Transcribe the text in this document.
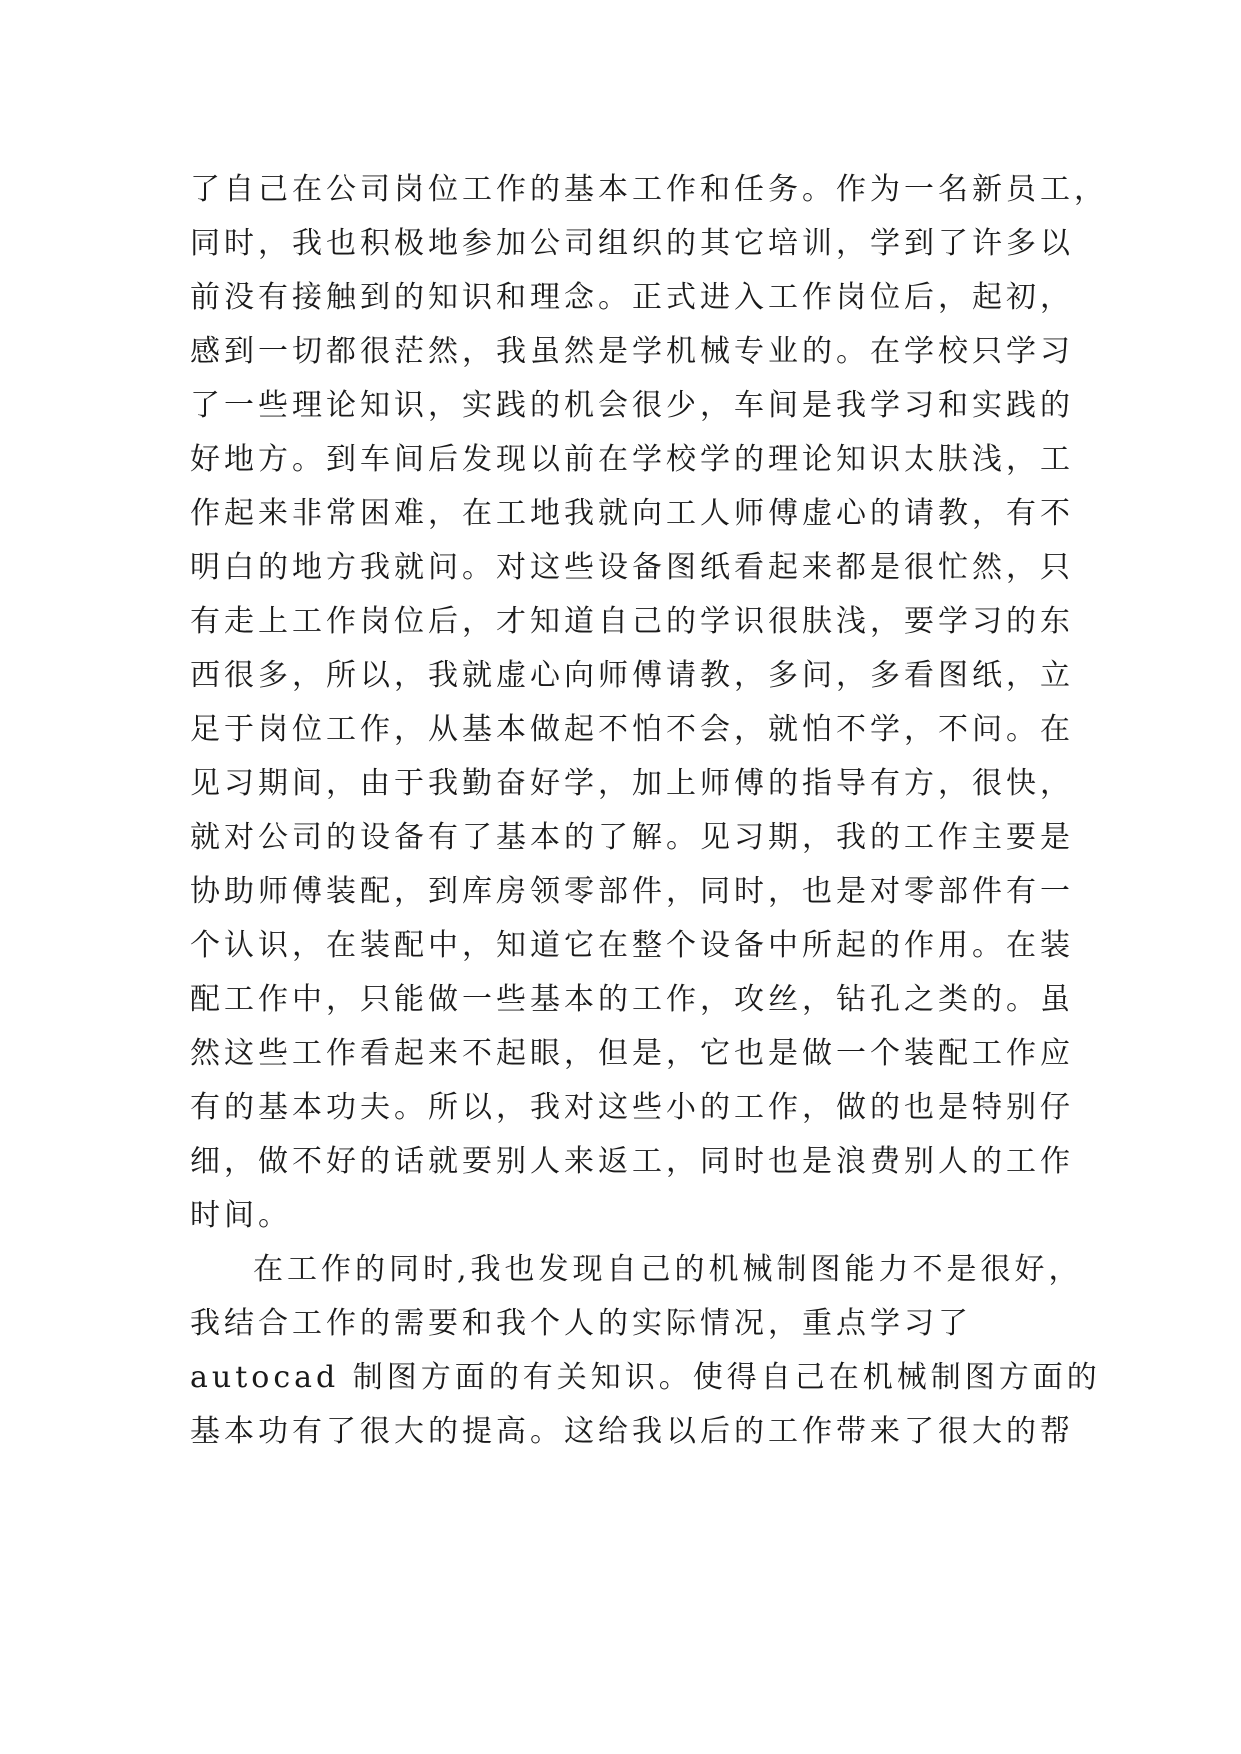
了自己在公司岗位工作的基本工作和任务。作为一名新员工，
同时，我也积极地参加公司组织的其它培训，学到了许多以
前没有接触到的知识和理念。正式进入工作岗位后，起初，
感到一切都很茫然，我虽然是学机械专业的。在学校只学习
了一些理论知识，实践的机会很少，车间是我学习和实践的
好地方。到车间后发现以前在学校学的理论知识太肤浅，工
作起来非常困难，在工地我就向工人师傅虚心的请教，有不
明白的地方我就问。对这些设备图纸看起来都是很忙然，只
有走上工作岗位后，才知道自己的学识很肤浅，要学习的东
西很多，所以，我就虚心向师傅请教，多问，多看图纸，立
足于岗位工作，从基本做起不怕不会，就怕不学，不问。在
见习期间，由于我勤奋好学，加上师傅的指导有方，很快，
就对公司的设备有了基本的了解。见习期，我的工作主要是
协助师傅装配，到库房领零部件，同时，也是对零部件有一
个认识，在装配中，知道它在整个设备中所起的作用。在装
配工作中，只能做一些基本的工作，攻丝，钻孔之类的。虽
然这些工作看起来不起眼，但是，它也是做一个装配工作应
有的基本功夫。所以，我对这些小的工作，做的也是特别仔
细，做不好的话就要别人来返工，同时也是浪费别人的工作
时间。
在工作的同时,我也发现自己的机械制图能力不是很好，
我结合工作的需要和我个人的实际情况，重点学习了
autocad 制图方面的有关知识。使得自己在机械制图方面的
基本功有了很大的提高。这给我以后的工作带来了很大的帮
